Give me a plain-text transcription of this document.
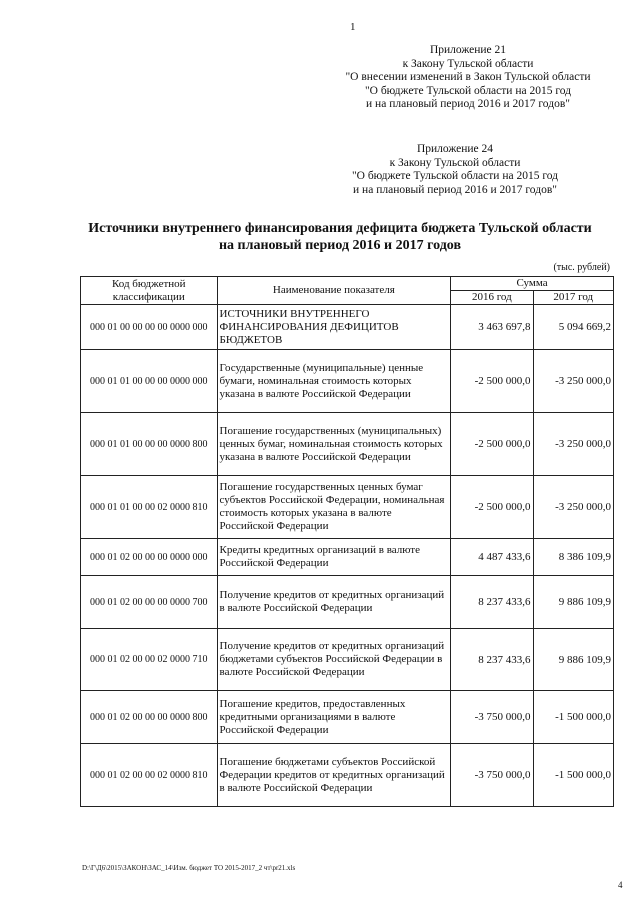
1
Приложение 21
к Закону Тульской области
"О внесении изменений в Закон Тульской области
"О бюджете Тульской области на 2015 год
и на плановый период 2016 и 2017 годов"
Приложение 24
к Закону Тульской области
"О бюджете Тульской области на 2015 год
и на плановый период 2016 и 2017 годов"
Источники внутреннего финансирования дефицита бюджета Тульской области
на плановый период 2016 и 2017 годов
(тыс. рублей)
Код бюджетной классификации	Наименование показателя	Сумма	
		2016 год	2017 год
000 01 00 00 00 00 0000 000	ИСТОЧНИКИ ВНУТРЕННЕГО ФИНАНСИРОВАНИЯ ДЕФИЦИТОВ БЮДЖЕТОВ	3 463 697,8	5 094 669,2
000 01 01 00 00 00 0000 000	Государственные (муниципальные) ценные бумаги, номинальная стоимость которых указана в валюте Российской Федерации	-2 500 000,0	-3 250 000,0
000 01 01 00 00 00 0000 800	Погашение государственных (муниципальных) ценных бумаг, номинальная стоимость которых указана в валюте Российской Федерации	-2 500 000,0	-3 250 000,0
000 01 01 00 00 02 0000 810	Погашение государственных ценных бумаг субъектов Российской Федерации, номинальная стоимость которых указана в валюте Российской Федерации	-2 500 000,0	-3 250 000,0
000 01 02 00 00 00 0000 000	Кредиты кредитных организаций в валюте Российской Федерации	4 487 433,6	8 386 109,9
000 01 02 00 00 00 0000 700	Получение кредитов от кредитных организаций в валюте Российской Федерации	8 237 433,6	9 886 109,9
000 01 02 00 00 02 0000 710	Получение кредитов от кредитных организаций бюджетами субъектов Российской Федерации в валюте Российской Федерации	8 237 433,6	9 886 109,9
000 01 02 00 00 00 0000 800	Погашение кредитов, предоставленных кредитными организациями в валюте Российской Федерации	-3 750 000,0	-1 500 000,0
000 01 02 00 00 02 0000 810	Погашение бюджетами субъектов Российской Федерации кредитов от кредитных организаций в валюте Российской Федерации	-3 750 000,0	-1 500 000,0
D:\Г\Д6\2015\ЗАКОН\ЗАС_14\Изм. бюджет ТО 2015-2017_2 чт\pr21.xls
4
